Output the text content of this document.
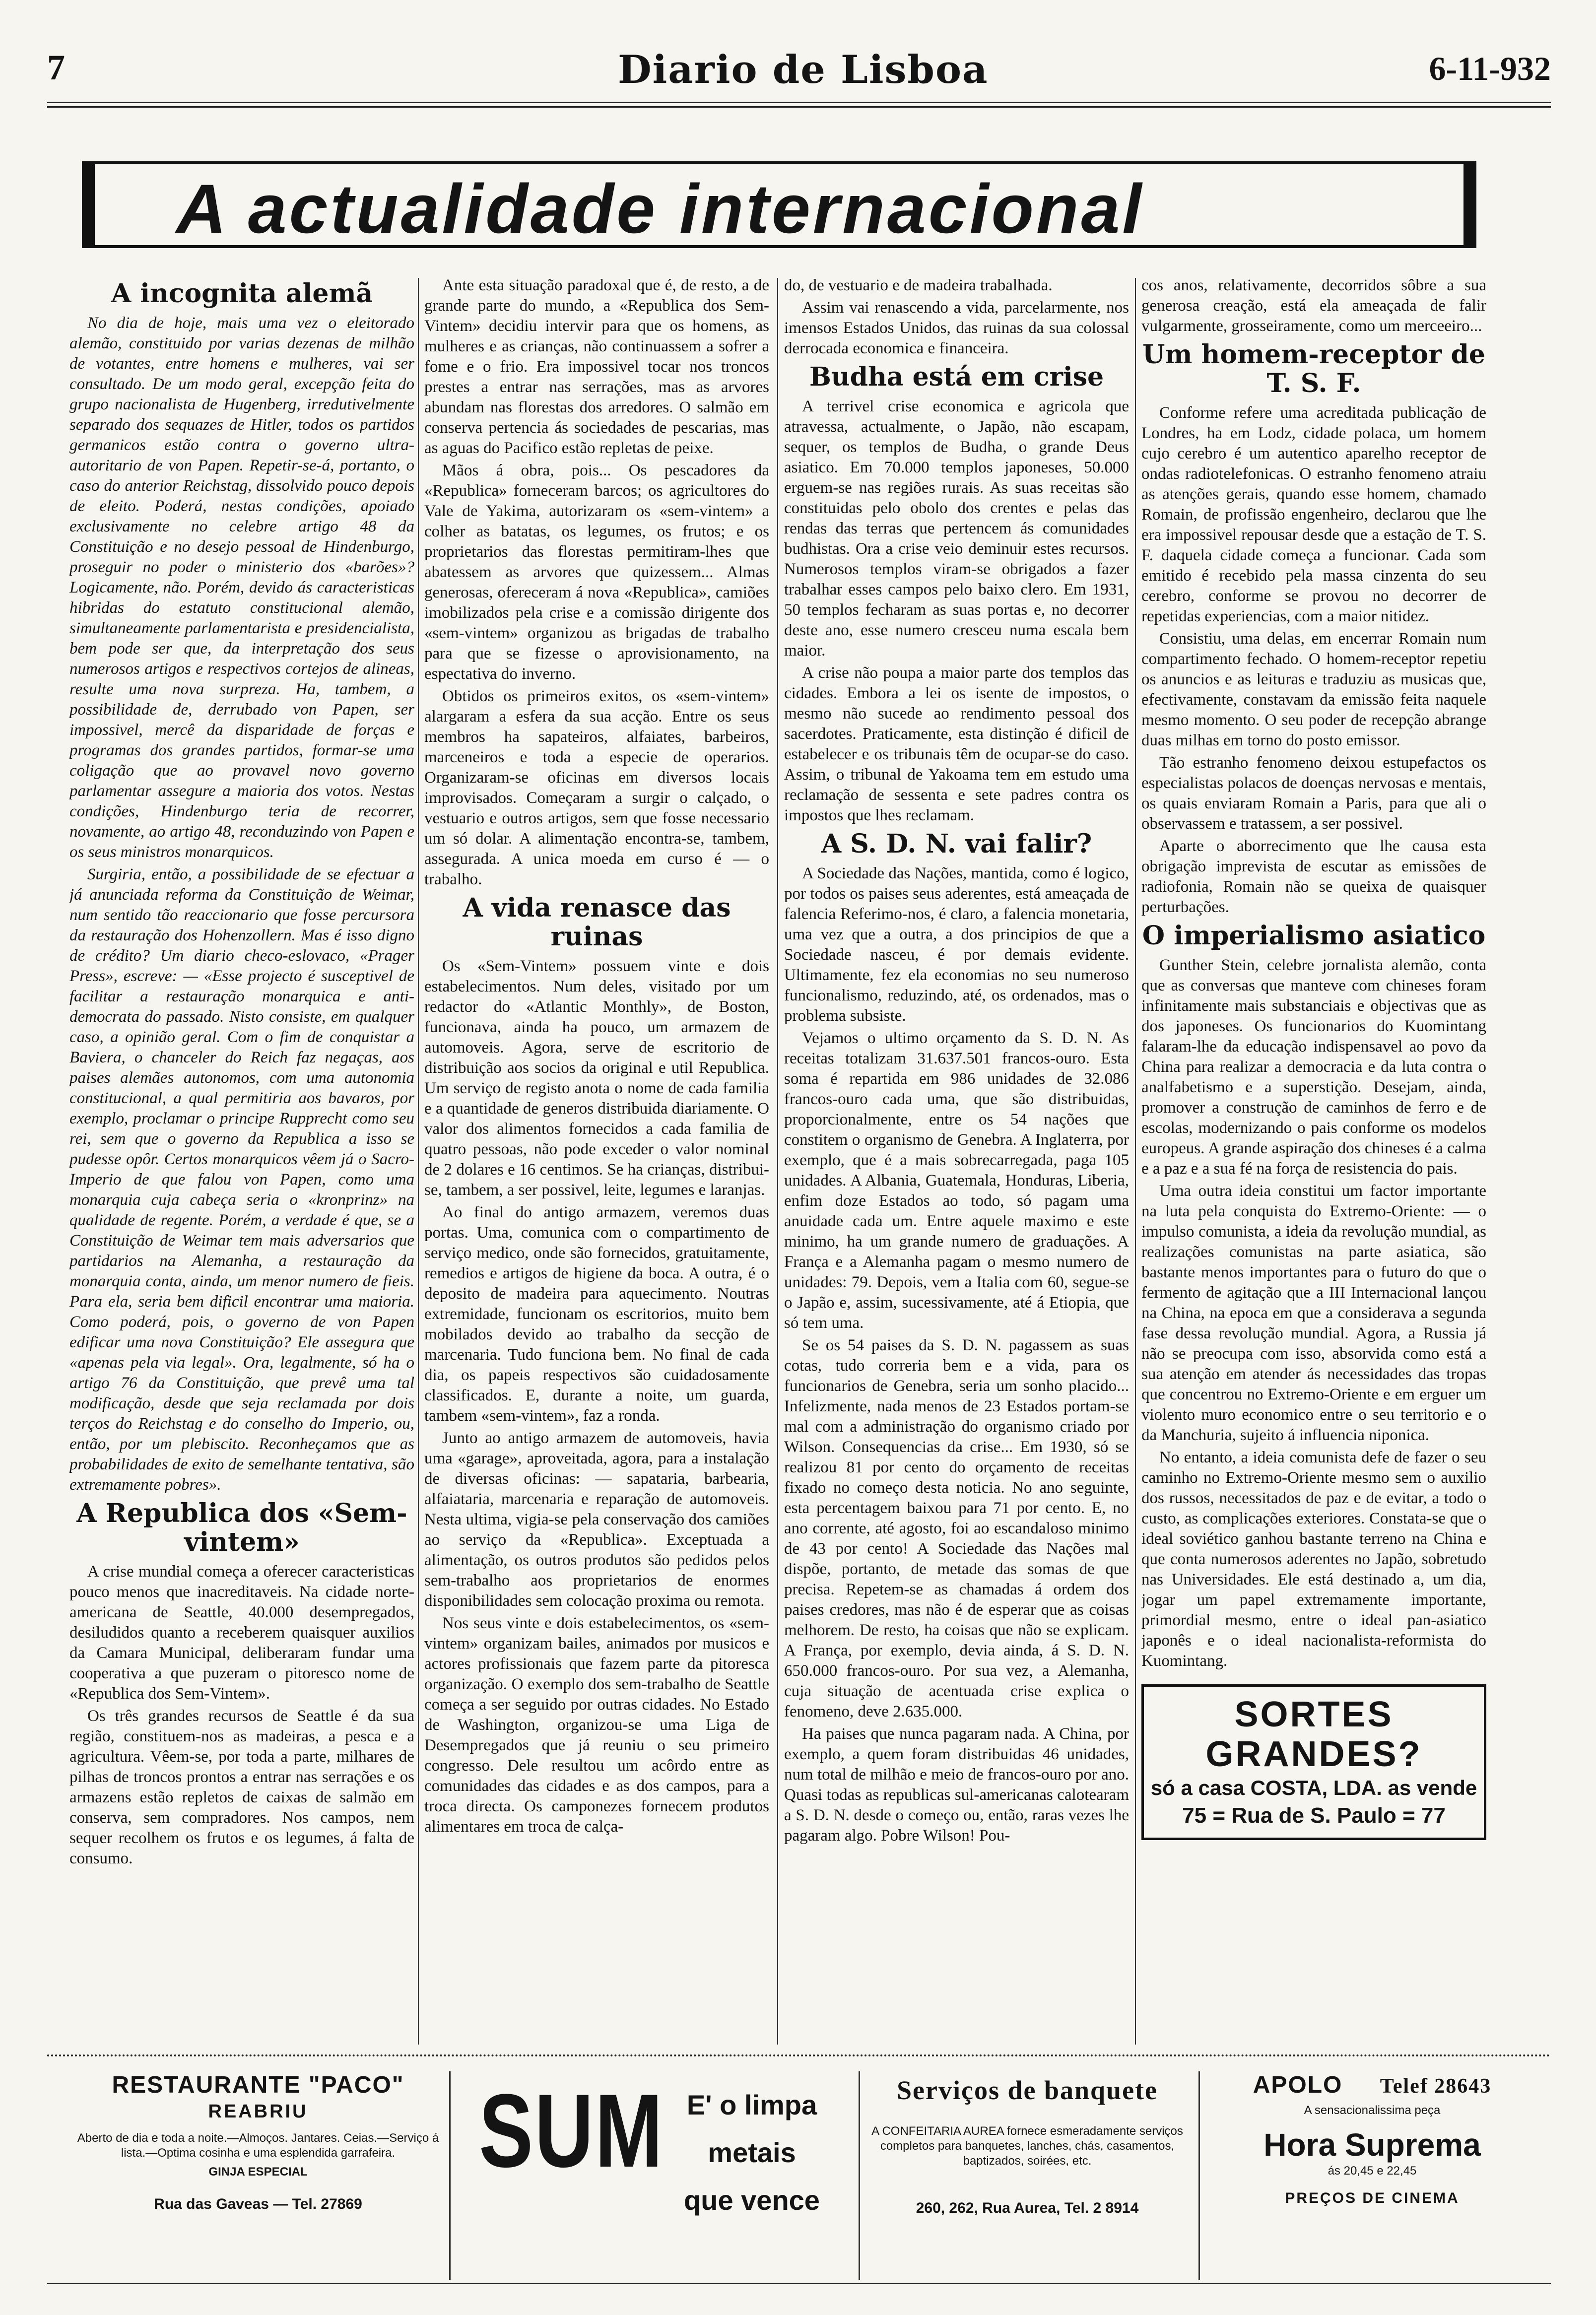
7	Diario de Lisboa	6-11-932
A actualidade internacional
A incognita alemã

No dia de hoje, mais uma vez o eleitorado alemão, constituido por varias dezenas de milhão de votantes, entre homens e mulheres, vai ser consultado. De um modo geral, excepção feita do grupo nacionalista de Hugenberg, irredutivelmente separado dos sequazes de Hitler, todos os partidos germanicos estão contra o governo ultra-autoritario de von Papen. Repetir-se-á, portanto, o caso do anterior Reichstag, dissolvido pouco depois de eleito. Poderá, nestas condições, apoiado exclusivamente no celebre artigo 48 da Constituição e no desejo pessoal de Hindenburgo, proseguir no poder o ministerio dos «barões»? Logicamente, não. Porém, devido ás caracteristicas hibridas do estatuto constitucional alemão, simultaneamente parlamentarista e presidencialista, bem pode ser que, da interpretação dos seus numerosos artigos e respectivos cortejos de alineas, resulte uma nova surpreza. Ha, tambem, a possibilidade de, derrubado von Papen, ser impossivel, mercê da disparidade de forças e programas dos grandes partidos, formar-se uma coligação que ao provavel novo governo parlamentar assegure a maioria dos votos. Nestas condições, Hindenburgo teria de recorrer, novamente, ao artigo 48, reconduzindo von Papen e os seus ministros monarquicos.

Surgiria, então, a possibilidade de se efectuar a já anunciada reforma da Constituição de Weimar, num sentido tão reaccionario que fosse percursora da restauração dos Hohenzollern. Mas é isso digno de crédito? Um diario checo-eslovaco, «Prager Press», escreve: — «Esse projecto é susceptivel de facilitar a restauração monarquica e anti-democrata do passado. Nisto consiste, em qualquer caso, a opinião geral. Com o fim de conquistar a Baviera, o chanceler do Reich faz negaças, aos paises alemães autonomos, com uma autonomia constitucional, a qual permitiria aos bavaros, por exemplo, proclamar o principe Rupprecht como seu rei, sem que o governo da Republica a isso se pudesse opôr. Certos monarquicos vêem já o Sacro-Imperio de que falou von Papen, como uma monarquia cuja cabeça seria o «kronprinz» na qualidade de regente. Porém, a verdade é que, se a Constituição de Weimar tem mais adversarios que partidarios na Alemanha, a restauração da monarquia conta, ainda, um menor numero de fieis. Para ela, seria bem dificil encontrar uma maioria. Como poderá, pois, o governo de von Papen edificar uma nova Constituição? Ele assegura que «apenas pela via legal». Ora, legalmente, só ha o artigo 76 da Constituição, que prevê uma tal modificação, desde que seja reclamada por dois terços do Reichstag e do conselho do Imperio, ou, então, por um plebiscito. Reconheçamos que as probabilidades de exito de semelhante tentativa, são extremamente pobres».

A Republica dos «Sem-vintem»

A crise mundial começa a oferecer caracteristicas pouco menos que inacreditaveis. Na cidade norte-americana de Seattle, 40.000 desempregados, desiludidos quanto a receberem quaisquer auxilios da Camara Municipal, deliberaram fundar uma cooperativa a que puzeram o pitoresco nome de «Republica dos Sem-Vintem».

Os três grandes recursos de Seattle é da sua região, constituem-nos as madeiras, a pesca e a agricultura. Vêem-se, por toda a parte, milhares de pilhas de troncos prontos a entrar nas serrações e os armazens estão repletos de caixas de salmão em conserva, sem compradores. Nos campos, nem sequer recolhem os frutos e os legumes, á falta de consumo.

Ante esta situação paradoxal que é, de resto, a de grande parte do mundo, a «Republica dos Sem-Vintem» decidiu intervir para que os homens, as mulheres e as crianças, não continuassem a sofrer a fome e o frio. Era impossivel tocar nos troncos prestes a entrar nas serrações, mas as arvores abundam nas florestas dos arredores. O salmão em conserva pertencia ás sociedades de pescarias, mas as aguas do Pacifico estão repletas de peixe.

Mãos á obra, pois... Os pescadores da «Republica» forneceram barcos; os agricultores do Vale de Yakima, autorizaram os «sem-vintem» a colher as batatas, os legumes, os frutos; e os proprietarios das florestas permitiram-lhes que abatessem as arvores que quizessem... Almas generosas, ofereceram á nova «Republica», camiões imobilizados pela crise e a comissão dirigente dos «sem-vintem» organizou as brigadas de trabalho para que se fizesse o aprovisionamento, na espectativa do inverno.

Obtidos os primeiros exitos, os «sem-vintem» alargaram a esfera da sua acção. Entre os seus membros ha sapateiros, alfaiates, barbeiros, marceneiros e toda a especie de operarios. Organizaram-se oficinas em diversos locais improvisados. Começaram a surgir o calçado, o vestuario e outros artigos, sem que fosse necessario um só dolar. A alimentação encontra-se, tambem, assegurada. A unica moeda em curso é — o trabalho.

A vida renasce das ruinas

Os «Sem-Vintem» possuem vinte e dois estabelecimentos. Num deles, visitado por um redactor do «Atlantic Monthly», de Boston, funcionava, ainda ha pouco, um armazem de automoveis. Agora, serve de escritorio de distribuição aos socios da original e util Republica. Um serviço de registo anota o nome de cada familia e a quantidade de generos distribuida diariamente. O valor dos alimentos fornecidos a cada familia de quatro pessoas, não pode exceder o valor nominal de 2 dolares e 16 centimos. Se ha crianças, distribui-se, tambem, a ser possivel, leite, legumes e laranjas.

Ao final do antigo armazem, veremos duas portas. Uma, comunica com o compartimento de serviço medico, onde são fornecidos, gratuitamente, remedios e artigos de higiene da boca. A outra, é o deposito de madeira para aquecimento. Noutras extremidade, funcionam os escritorios, muito bem mobilados devido ao trabalho da secção de marcenaria. Tudo funciona bem. No final de cada dia, os papeis respectivos são cuidadosamente classificados. E, durante a noite, um guarda, tambem «sem-vintem», faz a ronda.

Junto ao antigo armazem de automoveis, havia uma «garage», aproveitada, agora, para a instalação de diversas oficinas: — sapataria, barbearia, alfaiataria, marcenaria e reparação de automoveis. Nesta ultima, vigia-se pela conservação dos camiões ao serviço da «Republica». Exceptuada a alimentação, os outros produtos são pedidos pelos sem-trabalho aos proprietarios de enormes disponibilidades sem colocação proxima ou remota.

Nos seus vinte e dois estabelecimentos, os «sem-vintem» organizam bailes, animados por musicos e actores profissionais que fazem parte da pitoresca organização. O exemplo dos sem-trabalho de Seattle começa a ser seguido por outras cidades. No Estado de Washington, organizou-se uma Liga de Desempregados que já reuniu o seu primeiro congresso. Dele resultou um acôrdo entre as comunidades das cidades e as dos campos, para a troca directa. Os camponezes fornecem produtos alimentares em troca de calça-

do, de vestuario e de madeira trabalhada.

Assim vai renascendo a vida, parcelarmente, nos imensos Estados Unidos, das ruinas da sua colossal derrocada economica e financeira.

Budha está em crise

A terrivel crise economica e agricola que atravessa, actualmente, o Japão, não escapam, sequer, os templos de Budha, o grande Deus asiatico. Em 70.000 templos japoneses, 50.000 erguem-se nas regiões rurais. As suas receitas são constituidas pelo obolo dos crentes e pelas das rendas das terras que pertencem ás comunidades budhistas. Ora a crise veio deminuir estes recursos. Numerosos templos viram-se obrigados a fazer trabalhar esses campos pelo baixo clero. Em 1931, 50 templos fecharam as suas portas e, no decorrer deste ano, esse numero cresceu numa escala bem maior.

A crise não poupa a maior parte dos templos das cidades. Embora a lei os isente de impostos, o mesmo não sucede ao rendimento pessoal dos sacerdotes. Praticamente, esta distinção é dificil de estabelecer e os tribunais têm de ocupar-se do caso. Assim, o tribunal de Yakoama tem em estudo uma reclamação de sessenta e sete padres contra os impostos que lhes reclamam.

A S. D. N. vai falir?

A Sociedade das Nações, mantida, como é logico, por todos os paises seus aderentes, está ameaçada de falencia Referimo-nos, é claro, a falencia monetaria, uma vez que a outra, a dos principios de que a Sociedade nasceu, é por demais evidente. Ultimamente, fez ela economias no seu numeroso funcionalismo, reduzindo, até, os ordenados, mas o problema subsiste.

Vejamos o ultimo orçamento da S. D. N. As receitas totalizam 31.637.501 francos-ouro. Esta soma é repartida em 986 unidades de 32.086 francos-ouro cada uma, que são distribuidas, proporcionalmente, entre os 54 nações que constitem o organismo de Genebra. A Inglaterra, por exemplo, que é a mais sobrecarregada, paga 105 unidades. A Albania, Guatemala, Honduras, Liberia, enfim doze Estados ao todo, só pagam uma anuidade cada um. Entre aquele maximo e este minimo, ha um grande numero de graduações. A França e a Alemanha pagam o mesmo numero de unidades: 79. Depois, vem a Italia com 60, segue-se o Japão e, assim, sucessivamente, até á Etiopia, que só tem uma.

Se os 54 paises da S. D. N. pagassem as suas cotas, tudo correria bem e a vida, para os funcionarios de Genebra, seria um sonho placido... Infelizmente, nada menos de 23 Estados portam-se mal com a administração do organismo criado por Wilson. Consequencias da crise... Em 1930, só se realizou 81 por cento do orçamento de receitas fixado no começo desta noticia. No ano seguinte, esta percentagem baixou para 71 por cento. E, no ano corrente, até agosto, foi ao escandaloso minimo de 43 por cento! A Sociedade das Nações mal dispõe, portanto, de metade das somas de que precisa. Repetem-se as chamadas á ordem dos paises credores, mas não é de esperar que as coisas melhorem. De resto, ha coisas que não se explicam. A França, por exemplo, devia ainda, á S. D. N. 650.000 francos-ouro. Por sua vez, a Alemanha, cuja situação de acentuada crise explica o fenomeno, deve 2.635.000.

Ha paises que nunca pagaram nada. A China, por exemplo, a quem foram distribuidas 46 unidades, num total de milhão e meio de francos-ouro por ano. Quasi todas as republicas sul-americanas calotearam a S. D. N. desde o começo ou, então, raras vezes lhe pagaram algo. Pobre Wilson! Pou-

cos anos, relativamente, decorridos sôbre a sua generosa creação, está ela ameaçada de falir vulgarmente, grosseiramente, como um merceeiro...

Um homem-receptor de T. S. F.

Conforme refere uma acreditada publicação de Londres, ha em Lodz, cidade polaca, um homem cujo cerebro é um autentico aparelho receptor de ondas radiotelefonicas. O estranho fenomeno atraiu as atenções gerais, quando esse homem, chamado Romain, de profissão engenheiro, declarou que lhe era impossivel repousar desde que a estação de T. S. F. daquela cidade começa a funcionar. Cada som emitido é recebido pela massa cinzenta do seu cerebro, conforme se provou no decorrer de repetidas experiencias, com a maior nitidez.

Consistiu, uma delas, em encerrar Romain num compartimento fechado. O homem-receptor repetiu os anuncios e as leituras e traduziu as musicas que, efectivamente, constavam da emissão feita naquele mesmo momento. O seu poder de recepção abrange duas milhas em torno do posto emissor.

Tão estranho fenomeno deixou estupefactos os especialistas polacos de doenças nervosas e mentais, os quais enviaram Romain a Paris, para que ali o observassem e tratassem, a ser possivel.

Aparte o aborrecimento que lhe causa esta obrigação imprevista de escutar as emissões de radiofonia, Romain não se queixa de quaisquer perturbações.

O imperialismo asiatico

Gunther Stein, celebre jornalista alemão, conta que as conversas que manteve com chineses foram infinitamente mais substanciais e objectivas que as dos japoneses. Os funcionarios do Kuomintang falaram-lhe da educação indispensavel ao povo da China para realizar a democracia e da luta contra o analfabetismo e a superstição. Desejam, ainda, promover a construção de caminhos de ferro e de escolas, modernizando o pais conforme os modelos europeus. A grande aspiração dos chineses é a calma e a paz e a sua fé na força de resistencia do pais.

Uma outra ideia constitui um factor importante na luta pela conquista do Extremo-Oriente: — o impulso comunista, a ideia da revolução mundial, as realizações comunistas na parte asiatica, são bastante menos importantes para o futuro do que o fermento de agitação que a III Internacional lançou na China, na epoca em que a considerava a segunda fase dessa revolução mundial. Agora, a Russia já não se preocupa com isso, absorvida como está a sua atenção em atender ás necessidades das tropas que concentrou no Extremo-Oriente e em erguer um violento muro economico entre o seu territorio e o da Manchuria, sujeito á influencia niponica.

No entanto, a ideia comunista defe de fazer o seu caminho no Extremo-Oriente mesmo sem o auxilio dos russos, necessitados de paz e de evitar, a todo o custo, as complicações exteriores. Constata-se que o ideal soviético ganhou bastante terreno na China e que conta numerosos aderentes no Japão, sobretudo nas Universidades. Ele está destinado a, um dia, jogar um papel extremamente importante, primordial mesmo, entre o ideal pan-asiatico japonês e o ideal nacionalista-reformista do Kuomintang.

SORTES GRANDES?
só a casa COSTA, LDA. as vende
75 = Rua de S. Paulo = 77
RESTAURANTE "PACO"
REABRIU
Aberto de dia e toda a noite.—Almoços. Jantares. Ceias.—Serviço á lista.—Optima cosinha e uma esplendida garrafeira.
GINJA ESPECIAL
Rua das Gaveas — Tel. 27869
SUM E' o limpa
metais
que vence
Serviços de banquete
A CONFEITARIA AUREA fornece esmeradamente serviços completos para banquetes, lanches, chás, casamentos, baptizados, soirées, etc.
260, 262, Rua Aurea, Tel. 2 8914
APOLO Telef 28643
A sensacionalissima peça
Hora Suprema
ás 20,45 e 22,45
PREÇOS DE CINEMA
